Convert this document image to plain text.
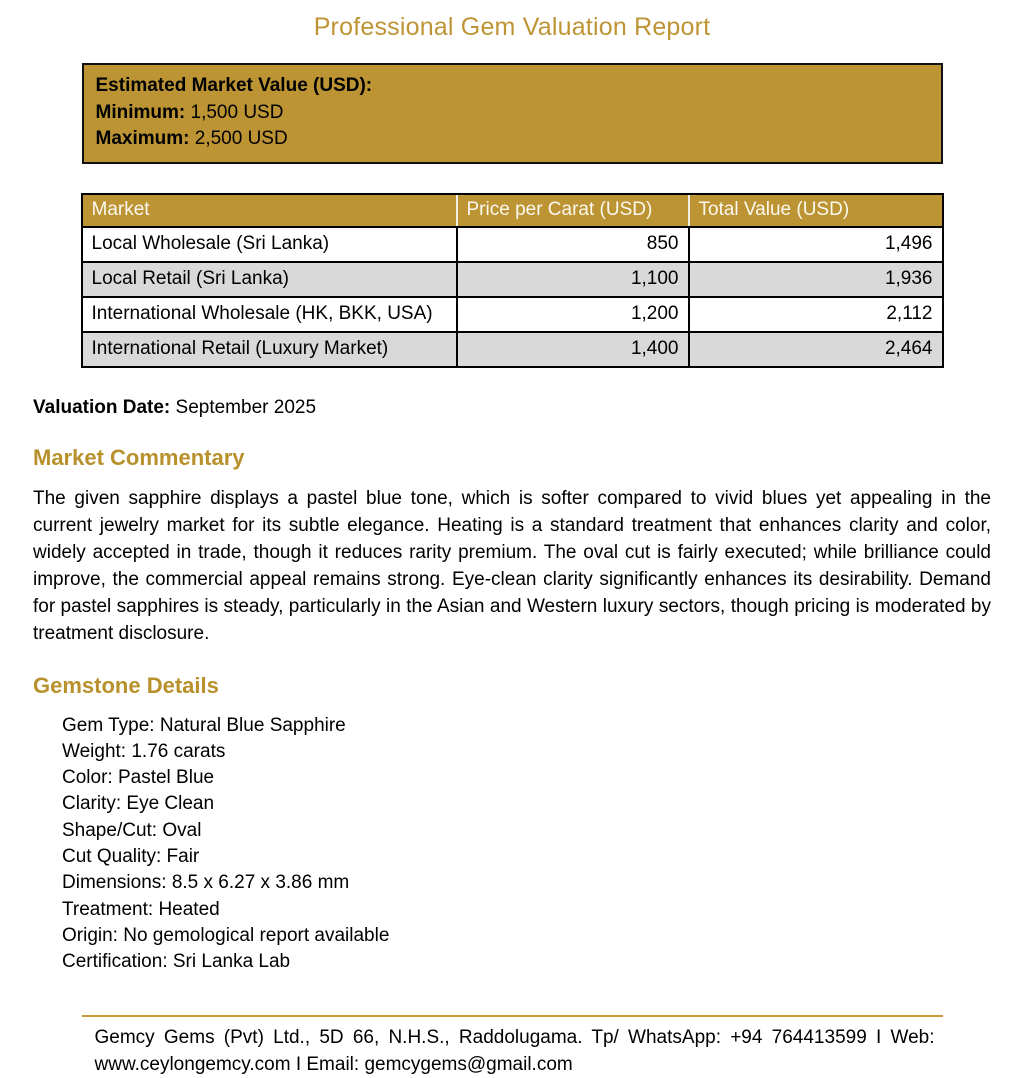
Professional Gem Valuation Report
Estimated Market Value (USD):
Minimum: 1,500 USD
Maximum: 2,500 USD
Market	Price per Carat (USD)	Total Value (USD)
Local Wholesale (Sri Lanka)	850	1,496
Local Retail (Sri Lanka)	1,100	1,936
International Wholesale (HK, BKK, USA)	1,200	2,112
International Retail (Luxury Market)	1,400	2,464
Valuation Date: September 2025
Market Commentary

The given sapphire displays a pastel blue tone, which is softer compared to vivid blues yet appealing in the current jewelry market for its subtle elegance. Heating is a standard treatment that enhances clarity and color, widely accepted in trade, though it reduces rarity premium. The oval cut is fairly executed; while brilliance could improve, the commercial appeal remains strong. Eye-clean clarity significantly enhances its desirability. Demand for pastel sapphires is steady, particularly in the Asian and Western luxury sectors, though pricing is moderated by treatment disclosure.

Gemstone Details
Gem Type: Natural Blue Sapphire
Weight: 1.76 carats
Color: Pastel Blue
Clarity: Eye Clean
Shape/Cut: Oval
Cut Quality: Fair
Dimensions: 8.5 x 6.27 x 3.86 mm
Treatment: Heated
Origin: No gemological report available
Certification: Sri Lanka Lab
Gemcy Gems (Pvt) Ltd., 5D 66, N.H.S., Raddolugama. Tp/ WhatsApp: +94 764413599 I Web:
www.ceylongemcy.com I Email: gemcygems@gmail.com
